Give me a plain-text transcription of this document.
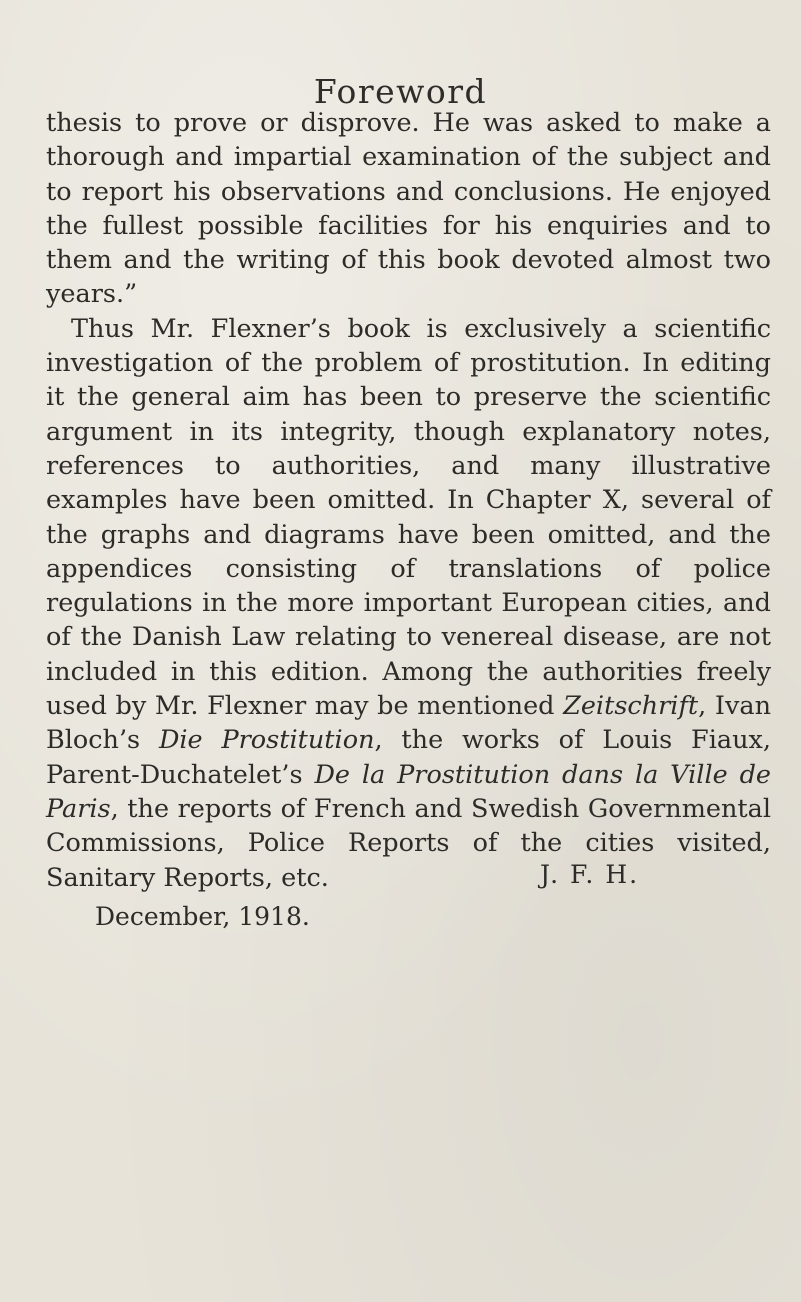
Foreword

thesis to prove or disprove. He was asked to make a thorough and impartial examination of the subject and to report his observations and conclusions. He enjoyed the fullest possible facilities for his enquiries and to them and the writing of this book devoted almost two years.”

Thus Mr. Flexner’s book is exclusively a scientific investigation of the problem of prostitution. In editing it the general aim has been to preserve the scientific argument in its integrity, though explanatory notes, references to authorities, and many illustrative examples have been omitted. In Chapter X, several of the graphs and diagrams have been omitted, and the appendices consisting of translations of police regulations in the more important European cities, and of the Danish Law relating to venereal disease, are not included in this edition. Among the authorities freely used by Mr. Flexner may be mentioned Zeitschrift, Ivan Bloch’s Die Prostitution, the works of Louis Fiaux, Parent-Duchatelet’s De la Prostitution dans la Ville de Paris, the reports of French and Swedish Governmental Commissions, Police Reports of the cities visited, Sanitary Reports, etc.	J. F. H.
December, 1918.
